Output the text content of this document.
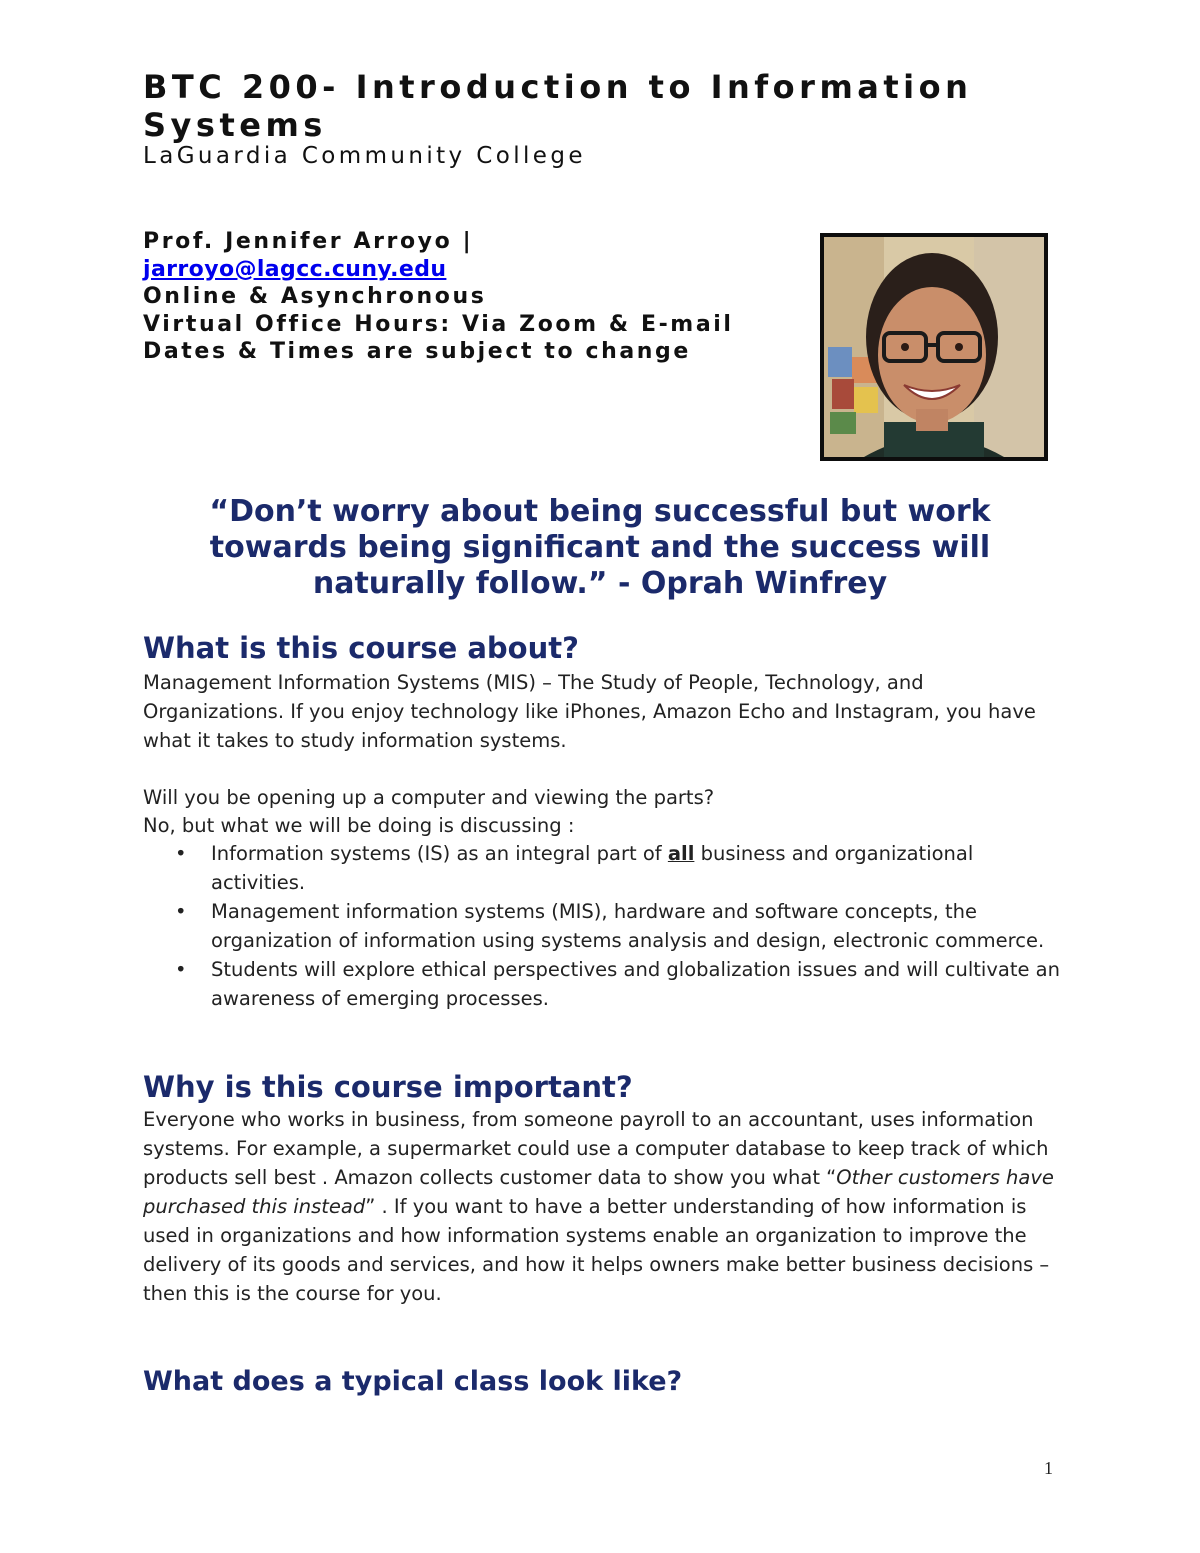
BTC 200- Introduction to Information Systems

LaGuardia Community College

Prof. Jennifer Arroyo |
jarroyo@lagcc.cuny.edu
Online & Asynchronous
Virtual Office Hours: Via Zoom & E-mail
Dates & Times are subject to change

“Don’t worry about being successful but work towards being significant and the success will naturally follow.” - Oprah Winfrey

What is this course about?

Management Information Systems (MIS) – The Study of People, Technology, and Organizations. If you enjoy technology like iPhones, Amazon Echo and Instagram, you have what it takes to study information systems.

Will you be opening up a computer and viewing the parts?

No, but what we will be doing is discussing :

• Information systems (IS) as an integral part of all business and organizational activities.
• Management information systems (MIS), hardware and software concepts, the organization of information using systems analysis and design, electronic commerce.
• Students will explore ethical perspectives and globalization issues and will cultivate an awareness of emerging processes.
Why is this course important?

Everyone who works in business, from someone payroll to an accountant, uses information systems. For example, a supermarket could use a computer database to keep track of which products sell best . Amazon collects customer data to show you what “Other customers have purchased this instead” . If you want to have a better understanding of how information is used in organizations and how information systems enable an organization to improve the delivery of its goods and services, and how it helps owners make better business decisions – then this is the course for you.

What does a typical class look like?
1
